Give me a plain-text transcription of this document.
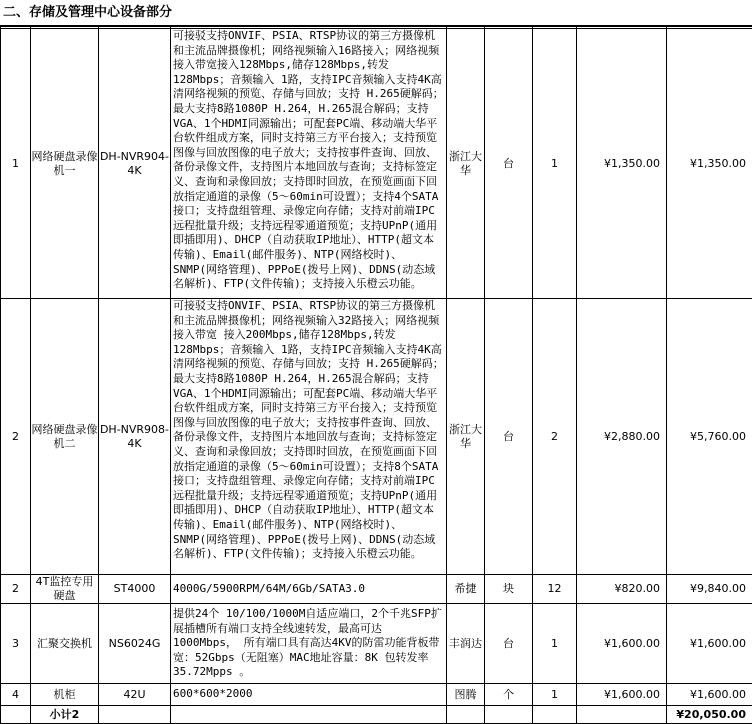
二、存储及管理中心设备部分

1	网络硬盘录像机一	DH-NVR904-4K	可接驳支持ONVIF、PSIA、RTSP协议的第三方摄像机和主流品牌摄像机；网络视频输入16路接入；网络视频接入带宽接入128Mbps,储存128Mbps,转发128Mbps；音频输入 1路，支持IPC音频输入支持4K高清网络视频的预览、存储与回放；支持 H.265硬解码；最大支持8路1080P H.264，H.265混合解码；支持VGA、1个HDMI同源输出；可配套PC端、移动端大华平台软件组成方案，同时支持第三方平台接入；支持预览图像与回放图像的电子放大；支持按事件查询、回放、备份录像文件，支持图片本地回放与查询；支持标签定义、查询和录像回放；支持即时回放，在预览画面下回放指定通道的录像（5～60min可设置）；支持4个SATA接口；支持盘组管理、录像定向存储；支持对前端IPC远程批量升级；支持远程零通道预览；支持UPnP(通用即插即用)、DHCP（自动获取IP地址）、HTTP(超文本传输)、Email(邮件服务)、NTP(网络校时)、SNMP(网络管理)、PPPoE(拨号上网)、DDNS(动态域名解析)、FTP(文件传输)；支持接入乐橙云功能。	浙江大华	台	1	¥1,350.00	¥1,350.00
2	网络硬盘录像机二	DH-NVR908-4K	可接驳支持ONVIF、PSIA、RTSP协议的第三方摄像机和主流品牌摄像机；网络视频输入32路接入；网络视频接入带宽 接入200Mbps,储存128Mbps,转发128Mbps；音频输入 1路，支持IPC音频输入支持4K高清网络视频的预览、存储与回放；支持 H.265硬解码；最大支持8路1080P H.264，H.265混合解码；支持VGA、1个HDMI同源输出；可配套PC端、移动端大华平台软件组成方案，同时支持第三方平台接入；支持预览图像与回放图像的电子放大；支持按事件查询、回放、备份录像文件，支持图片本地回放与查询；支持标签定义、查询和录像回放；支持即时回放，在预览画面下回放指定通道的录像（5～60min可设置）；支持8个SATA接口；支持盘组管理、录像定向存储；支持对前端IPC远程批量升级；支持远程零通道预览；支持UPnP(通用即插即用)、DHCP（自动获取IP地址）、HTTP(超文本传输)、Email(邮件服务)、NTP(网络校时)、SNMP(网络管理)、PPPoE(拨号上网)、DDNS(动态域名解析)、FTP(文件传输)；支持接入乐橙云功能。	浙江大华	台	2	¥2,880.00	¥5,760.00
2	4T监控专用硬盘	ST4000	4000G/5900RPM/64M/6Gb/SATA3.0	希捷	块	12	¥820.00	¥9,840.00
3	汇聚交换机	NS6024G	提供24个 10/100/1000M自适应端口，2个千兆SFP扩展插槽所有端口支持全线速转发，最高可达1000Mbps， 所有端口具有高达4KV的防雷功能背板带宽：52Gbps（无阻塞）MAC地址容量：8K 包转发率 35.72Mpps 。	丰润达	台	1	¥1,600.00	¥1,600.00
4	机柜	42U	600*600*2000	图腾	个	1	¥1,600.00	¥1,600.00
	小计2							¥20,050.00
